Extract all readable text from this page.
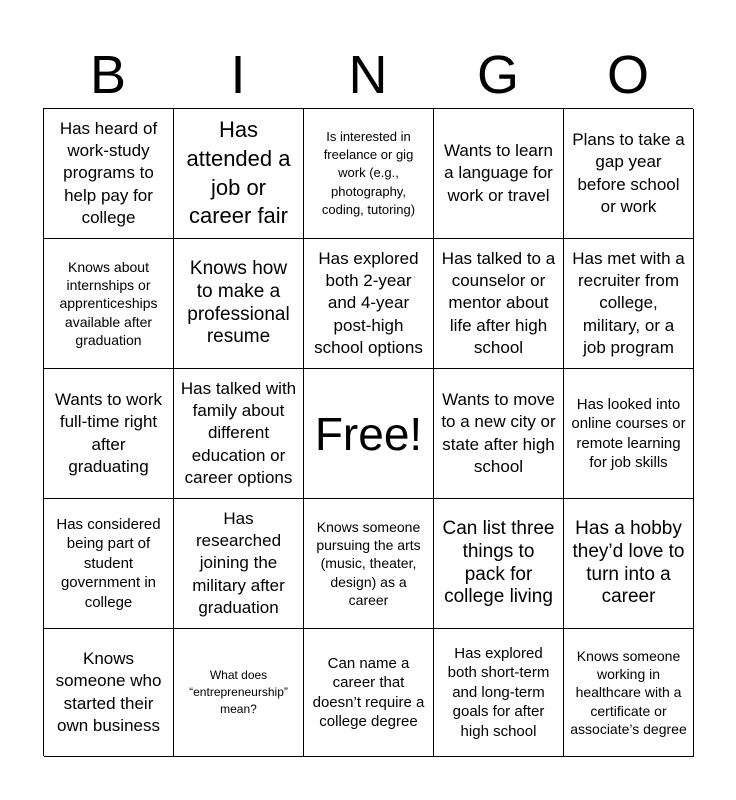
B	I	N	G	O
Has heard of work-study programs to help pay for college
Has attended a job or career fair
Is interested in freelance or gig work (e.g., photography, coding, tutoring)
Wants to learn a language for work or travel
Plans to take a gap year before school or work
Knows about internships or apprenticeships available after graduation
Knows how to make a professional resume
Has explored both 2-year and 4-year post-high school options
Has talked to a counselor or mentor about life after high school
Has met with a recruiter from college, military, or a job program
Wants to work full-time right after graduating
Has talked with family about different education or career options
Free!
Wants to move to a new city or state after high school
Has looked into online courses or remote learning for job skills
Has considered being part of student government in college
Has researched joining the military after graduation
Knows someone pursuing the arts (music, theater, design) as a career
Can list three things to pack for college living
Has a hobby they’d love to turn into a career
Knows someone who started their own business
What does “entrepreneurship” mean?
Can name a career that doesn’t require a college degree
Has explored both short-term and long-term goals for after high school
Knows someone working in healthcare with a certificate or associate’s degree
